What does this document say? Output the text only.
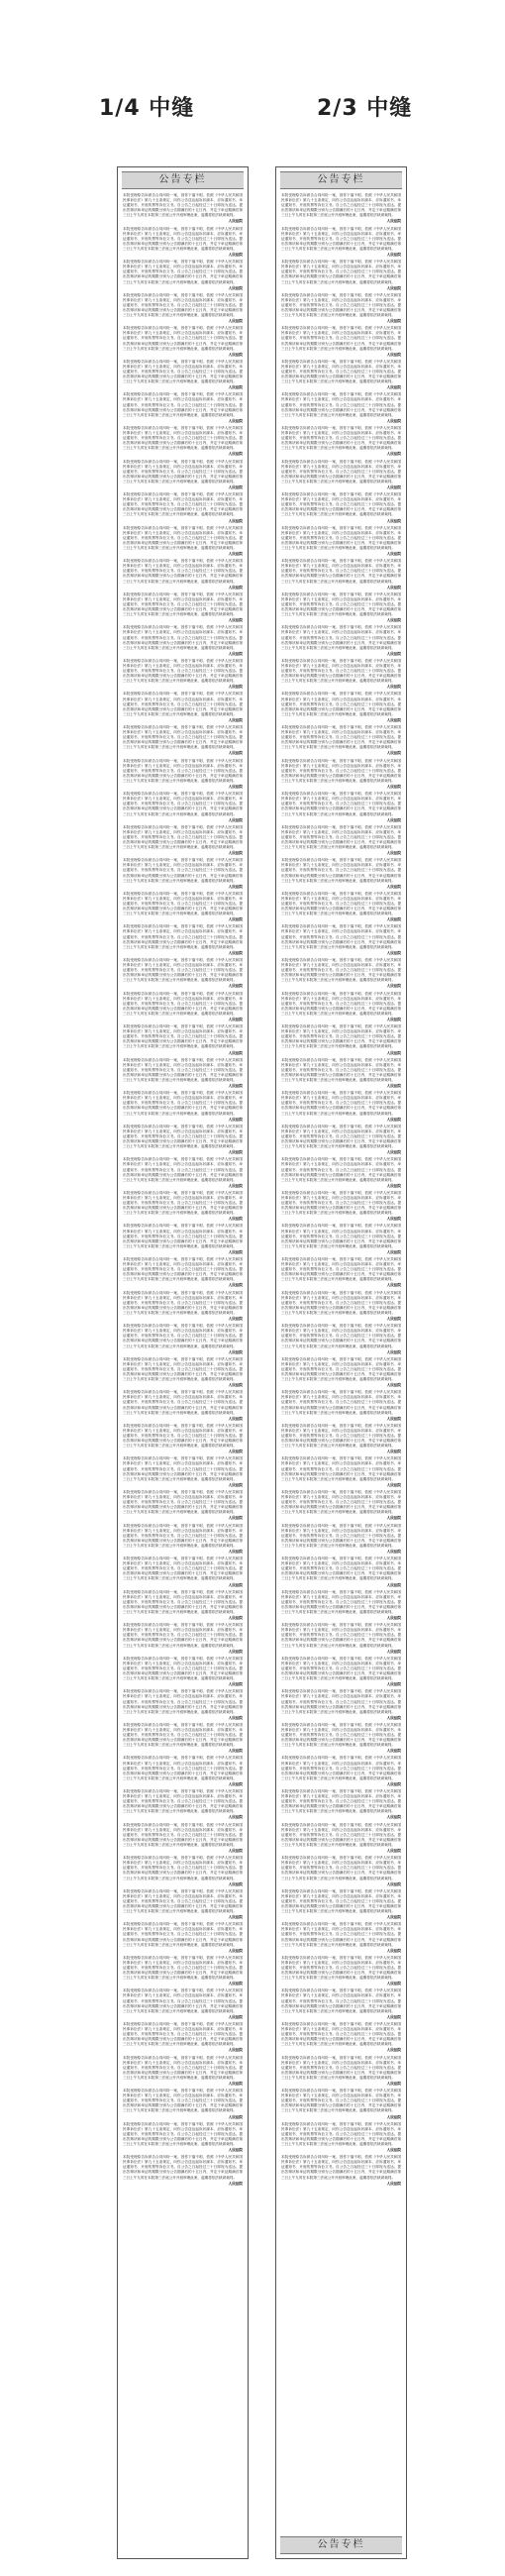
1/4 中缝	2/3 中缝
公告专栏
本院受理原告诉被告合同纠纷一案，因你下落不明，依照《中华人民共和国民事诉讼法》第九十五条规定，向你公告送达起诉状副本、应诉通知书、举证通知书、开庭传票等诉讼文书。自公告之日起经过三十日即视为送达。提出答辩状和举证的期限分别为公告期满后的十五日内，并定于举证期满后第三日上午九时在本院第三法庭公开开庭审理此案，逾期将依法缺席裁判。
人民法院
本院受理原告诉被告合同纠纷一案，因你下落不明，依照《中华人民共和国民事诉讼法》第九十五条规定，向你公告送达起诉状副本、应诉通知书、举证通知书、开庭传票等诉讼文书。自公告之日起经过三十日即视为送达。提出答辩状和举证的期限分别为公告期满后的十五日内，并定于举证期满后第三日上午九时在本院第三法庭公开开庭审理此案，逾期将依法缺席裁判。
人民法院
本院受理原告诉被告合同纠纷一案，因你下落不明，依照《中华人民共和国民事诉讼法》第九十五条规定，向你公告送达起诉状副本、应诉通知书、举证通知书、开庭传票等诉讼文书。自公告之日起经过三十日即视为送达。提出答辩状和举证的期限分别为公告期满后的十五日内，并定于举证期满后第三日上午九时在本院第三法庭公开开庭审理此案，逾期将依法缺席裁判。
人民法院
本院受理原告诉被告合同纠纷一案，因你下落不明，依照《中华人民共和国民事诉讼法》第九十五条规定，向你公告送达起诉状副本、应诉通知书、举证通知书、开庭传票等诉讼文书。自公告之日起经过三十日即视为送达。提出答辩状和举证的期限分别为公告期满后的十五日内，并定于举证期满后第三日上午九时在本院第三法庭公开开庭审理此案，逾期将依法缺席裁判。
人民法院
本院受理原告诉被告合同纠纷一案，因你下落不明，依照《中华人民共和国民事诉讼法》第九十五条规定，向你公告送达起诉状副本、应诉通知书、举证通知书、开庭传票等诉讼文书。自公告之日起经过三十日即视为送达。提出答辩状和举证的期限分别为公告期满后的十五日内，并定于举证期满后第三日上午九时在本院第三法庭公开开庭审理此案，逾期将依法缺席裁判。
人民法院
本院受理原告诉被告合同纠纷一案，因你下落不明，依照《中华人民共和国民事诉讼法》第九十五条规定，向你公告送达起诉状副本、应诉通知书、举证通知书、开庭传票等诉讼文书。自公告之日起经过三十日即视为送达。提出答辩状和举证的期限分别为公告期满后的十五日内，并定于举证期满后第三日上午九时在本院第三法庭公开开庭审理此案，逾期将依法缺席裁判。
人民法院
本院受理原告诉被告合同纠纷一案，因你下落不明，依照《中华人民共和国民事诉讼法》第九十五条规定，向你公告送达起诉状副本、应诉通知书、举证通知书、开庭传票等诉讼文书。自公告之日起经过三十日即视为送达。提出答辩状和举证的期限分别为公告期满后的十五日内，并定于举证期满后第三日上午九时在本院第三法庭公开开庭审理此案，逾期将依法缺席裁判。
人民法院
本院受理原告诉被告合同纠纷一案，因你下落不明，依照《中华人民共和国民事诉讼法》第九十五条规定，向你公告送达起诉状副本、应诉通知书、举证通知书、开庭传票等诉讼文书。自公告之日起经过三十日即视为送达。提出答辩状和举证的期限分别为公告期满后的十五日内，并定于举证期满后第三日上午九时在本院第三法庭公开开庭审理此案，逾期将依法缺席裁判。
人民法院
本院受理原告诉被告合同纠纷一案，因你下落不明，依照《中华人民共和国民事诉讼法》第九十五条规定，向你公告送达起诉状副本、应诉通知书、举证通知书、开庭传票等诉讼文书。自公告之日起经过三十日即视为送达。提出答辩状和举证的期限分别为公告期满后的十五日内，并定于举证期满后第三日上午九时在本院第三法庭公开开庭审理此案，逾期将依法缺席裁判。
人民法院
本院受理原告诉被告合同纠纷一案，因你下落不明，依照《中华人民共和国民事诉讼法》第九十五条规定，向你公告送达起诉状副本、应诉通知书、举证通知书、开庭传票等诉讼文书。自公告之日起经过三十日即视为送达。提出答辩状和举证的期限分别为公告期满后的十五日内，并定于举证期满后第三日上午九时在本院第三法庭公开开庭审理此案，逾期将依法缺席裁判。
人民法院
本院受理原告诉被告合同纠纷一案，因你下落不明，依照《中华人民共和国民事诉讼法》第九十五条规定，向你公告送达起诉状副本、应诉通知书、举证通知书、开庭传票等诉讼文书。自公告之日起经过三十日即视为送达。提出答辩状和举证的期限分别为公告期满后的十五日内，并定于举证期满后第三日上午九时在本院第三法庭公开开庭审理此案，逾期将依法缺席裁判。
人民法院
本院受理原告诉被告合同纠纷一案，因你下落不明，依照《中华人民共和国民事诉讼法》第九十五条规定，向你公告送达起诉状副本、应诉通知书、举证通知书、开庭传票等诉讼文书。自公告之日起经过三十日即视为送达。提出答辩状和举证的期限分别为公告期满后的十五日内，并定于举证期满后第三日上午九时在本院第三法庭公开开庭审理此案，逾期将依法缺席裁判。
人民法院
本院受理原告诉被告合同纠纷一案，因你下落不明，依照《中华人民共和国民事诉讼法》第九十五条规定，向你公告送达起诉状副本、应诉通知书、举证通知书、开庭传票等诉讼文书。自公告之日起经过三十日即视为送达。提出答辩状和举证的期限分别为公告期满后的十五日内，并定于举证期满后第三日上午九时在本院第三法庭公开开庭审理此案，逾期将依法缺席裁判。
人民法院
本院受理原告诉被告合同纠纷一案，因你下落不明，依照《中华人民共和国民事诉讼法》第九十五条规定，向你公告送达起诉状副本、应诉通知书、举证通知书、开庭传票等诉讼文书。自公告之日起经过三十日即视为送达。提出答辩状和举证的期限分别为公告期满后的十五日内，并定于举证期满后第三日上午九时在本院第三法庭公开开庭审理此案，逾期将依法缺席裁判。
人民法院
本院受理原告诉被告合同纠纷一案，因你下落不明，依照《中华人民共和国民事诉讼法》第九十五条规定，向你公告送达起诉状副本、应诉通知书、举证通知书、开庭传票等诉讼文书。自公告之日起经过三十日即视为送达。提出答辩状和举证的期限分别为公告期满后的十五日内，并定于举证期满后第三日上午九时在本院第三法庭公开开庭审理此案，逾期将依法缺席裁判。
人民法院
本院受理原告诉被告合同纠纷一案，因你下落不明，依照《中华人民共和国民事诉讼法》第九十五条规定，向你公告送达起诉状副本、应诉通知书、举证通知书、开庭传票等诉讼文书。自公告之日起经过三十日即视为送达。提出答辩状和举证的期限分别为公告期满后的十五日内，并定于举证期满后第三日上午九时在本院第三法庭公开开庭审理此案，逾期将依法缺席裁判。
人民法院
本院受理原告诉被告合同纠纷一案，因你下落不明，依照《中华人民共和国民事诉讼法》第九十五条规定，向你公告送达起诉状副本、应诉通知书、举证通知书、开庭传票等诉讼文书。自公告之日起经过三十日即视为送达。提出答辩状和举证的期限分别为公告期满后的十五日内，并定于举证期满后第三日上午九时在本院第三法庭公开开庭审理此案，逾期将依法缺席裁判。
人民法院
本院受理原告诉被告合同纠纷一案，因你下落不明，依照《中华人民共和国民事诉讼法》第九十五条规定，向你公告送达起诉状副本、应诉通知书、举证通知书、开庭传票等诉讼文书。自公告之日起经过三十日即视为送达。提出答辩状和举证的期限分别为公告期满后的十五日内，并定于举证期满后第三日上午九时在本院第三法庭公开开庭审理此案，逾期将依法缺席裁判。
人民法院
本院受理原告诉被告合同纠纷一案，因你下落不明，依照《中华人民共和国民事诉讼法》第九十五条规定，向你公告送达起诉状副本、应诉通知书、举证通知书、开庭传票等诉讼文书。自公告之日起经过三十日即视为送达。提出答辩状和举证的期限分别为公告期满后的十五日内，并定于举证期满后第三日上午九时在本院第三法庭公开开庭审理此案，逾期将依法缺席裁判。
人民法院
本院受理原告诉被告合同纠纷一案，因你下落不明，依照《中华人民共和国民事诉讼法》第九十五条规定，向你公告送达起诉状副本、应诉通知书、举证通知书、开庭传票等诉讼文书。自公告之日起经过三十日即视为送达。提出答辩状和举证的期限分别为公告期满后的十五日内，并定于举证期满后第三日上午九时在本院第三法庭公开开庭审理此案，逾期将依法缺席裁判。
人民法院
本院受理原告诉被告合同纠纷一案，因你下落不明，依照《中华人民共和国民事诉讼法》第九十五条规定，向你公告送达起诉状副本、应诉通知书、举证通知书、开庭传票等诉讼文书。自公告之日起经过三十日即视为送达。提出答辩状和举证的期限分别为公告期满后的十五日内，并定于举证期满后第三日上午九时在本院第三法庭公开开庭审理此案，逾期将依法缺席裁判。
人民法院
本院受理原告诉被告合同纠纷一案，因你下落不明，依照《中华人民共和国民事诉讼法》第九十五条规定，向你公告送达起诉状副本、应诉通知书、举证通知书、开庭传票等诉讼文书。自公告之日起经过三十日即视为送达。提出答辩状和举证的期限分别为公告期满后的十五日内，并定于举证期满后第三日上午九时在本院第三法庭公开开庭审理此案，逾期将依法缺席裁判。
人民法院
本院受理原告诉被告合同纠纷一案，因你下落不明，依照《中华人民共和国民事诉讼法》第九十五条规定，向你公告送达起诉状副本、应诉通知书、举证通知书、开庭传票等诉讼文书。自公告之日起经过三十日即视为送达。提出答辩状和举证的期限分别为公告期满后的十五日内，并定于举证期满后第三日上午九时在本院第三法庭公开开庭审理此案，逾期将依法缺席裁判。
人民法院
本院受理原告诉被告合同纠纷一案，因你下落不明，依照《中华人民共和国民事诉讼法》第九十五条规定，向你公告送达起诉状副本、应诉通知书、举证通知书、开庭传票等诉讼文书。自公告之日起经过三十日即视为送达。提出答辩状和举证的期限分别为公告期满后的十五日内，并定于举证期满后第三日上午九时在本院第三法庭公开开庭审理此案，逾期将依法缺席裁判。
人民法院
本院受理原告诉被告合同纠纷一案，因你下落不明，依照《中华人民共和国民事诉讼法》第九十五条规定，向你公告送达起诉状副本、应诉通知书、举证通知书、开庭传票等诉讼文书。自公告之日起经过三十日即视为送达。提出答辩状和举证的期限分别为公告期满后的十五日内，并定于举证期满后第三日上午九时在本院第三法庭公开开庭审理此案，逾期将依法缺席裁判。
人民法院
本院受理原告诉被告合同纠纷一案，因你下落不明，依照《中华人民共和国民事诉讼法》第九十五条规定，向你公告送达起诉状副本、应诉通知书、举证通知书、开庭传票等诉讼文书。自公告之日起经过三十日即视为送达。提出答辩状和举证的期限分别为公告期满后的十五日内，并定于举证期满后第三日上午九时在本院第三法庭公开开庭审理此案，逾期将依法缺席裁判。
人民法院
本院受理原告诉被告合同纠纷一案，因你下落不明，依照《中华人民共和国民事诉讼法》第九十五条规定，向你公告送达起诉状副本、应诉通知书、举证通知书、开庭传票等诉讼文书。自公告之日起经过三十日即视为送达。提出答辩状和举证的期限分别为公告期满后的十五日内，并定于举证期满后第三日上午九时在本院第三法庭公开开庭审理此案，逾期将依法缺席裁判。
人民法院
本院受理原告诉被告合同纠纷一案，因你下落不明，依照《中华人民共和国民事诉讼法》第九十五条规定，向你公告送达起诉状副本、应诉通知书、举证通知书、开庭传票等诉讼文书。自公告之日起经过三十日即视为送达。提出答辩状和举证的期限分别为公告期满后的十五日内，并定于举证期满后第三日上午九时在本院第三法庭公开开庭审理此案，逾期将依法缺席裁判。
人民法院
本院受理原告诉被告合同纠纷一案，因你下落不明，依照《中华人民共和国民事诉讼法》第九十五条规定，向你公告送达起诉状副本、应诉通知书、举证通知书、开庭传票等诉讼文书。自公告之日起经过三十日即视为送达。提出答辩状和举证的期限分别为公告期满后的十五日内，并定于举证期满后第三日上午九时在本院第三法庭公开开庭审理此案，逾期将依法缺席裁判。
人民法院
本院受理原告诉被告合同纠纷一案，因你下落不明，依照《中华人民共和国民事诉讼法》第九十五条规定，向你公告送达起诉状副本、应诉通知书、举证通知书、开庭传票等诉讼文书。自公告之日起经过三十日即视为送达。提出答辩状和举证的期限分别为公告期满后的十五日内，并定于举证期满后第三日上午九时在本院第三法庭公开开庭审理此案，逾期将依法缺席裁判。
人民法院
本院受理原告诉被告合同纠纷一案，因你下落不明，依照《中华人民共和国民事诉讼法》第九十五条规定，向你公告送达起诉状副本、应诉通知书、举证通知书、开庭传票等诉讼文书。自公告之日起经过三十日即视为送达。提出答辩状和举证的期限分别为公告期满后的十五日内，并定于举证期满后第三日上午九时在本院第三法庭公开开庭审理此案，逾期将依法缺席裁判。
人民法院
本院受理原告诉被告合同纠纷一案，因你下落不明，依照《中华人民共和国民事诉讼法》第九十五条规定，向你公告送达起诉状副本、应诉通知书、举证通知书、开庭传票等诉讼文书。自公告之日起经过三十日即视为送达。提出答辩状和举证的期限分别为公告期满后的十五日内，并定于举证期满后第三日上午九时在本院第三法庭公开开庭审理此案，逾期将依法缺席裁判。
人民法院
本院受理原告诉被告合同纠纷一案，因你下落不明，依照《中华人民共和国民事诉讼法》第九十五条规定，向你公告送达起诉状副本、应诉通知书、举证通知书、开庭传票等诉讼文书。自公告之日起经过三十日即视为送达。提出答辩状和举证的期限分别为公告期满后的十五日内，并定于举证期满后第三日上午九时在本院第三法庭公开开庭审理此案，逾期将依法缺席裁判。
人民法院
本院受理原告诉被告合同纠纷一案，因你下落不明，依照《中华人民共和国民事诉讼法》第九十五条规定，向你公告送达起诉状副本、应诉通知书、举证通知书、开庭传票等诉讼文书。自公告之日起经过三十日即视为送达。提出答辩状和举证的期限分别为公告期满后的十五日内，并定于举证期满后第三日上午九时在本院第三法庭公开开庭审理此案，逾期将依法缺席裁判。
人民法院
本院受理原告诉被告合同纠纷一案，因你下落不明，依照《中华人民共和国民事诉讼法》第九十五条规定，向你公告送达起诉状副本、应诉通知书、举证通知书、开庭传票等诉讼文书。自公告之日起经过三十日即视为送达。提出答辩状和举证的期限分别为公告期满后的十五日内，并定于举证期满后第三日上午九时在本院第三法庭公开开庭审理此案，逾期将依法缺席裁判。
人民法院
本院受理原告诉被告合同纠纷一案，因你下落不明，依照《中华人民共和国民事诉讼法》第九十五条规定，向你公告送达起诉状副本、应诉通知书、举证通知书、开庭传票等诉讼文书。自公告之日起经过三十日即视为送达。提出答辩状和举证的期限分别为公告期满后的十五日内，并定于举证期满后第三日上午九时在本院第三法庭公开开庭审理此案，逾期将依法缺席裁判。
人民法院
本院受理原告诉被告合同纠纷一案，因你下落不明，依照《中华人民共和国民事诉讼法》第九十五条规定，向你公告送达起诉状副本、应诉通知书、举证通知书、开庭传票等诉讼文书。自公告之日起经过三十日即视为送达。提出答辩状和举证的期限分别为公告期满后的十五日内，并定于举证期满后第三日上午九时在本院第三法庭公开开庭审理此案，逾期将依法缺席裁判。
人民法院
本院受理原告诉被告合同纠纷一案，因你下落不明，依照《中华人民共和国民事诉讼法》第九十五条规定，向你公告送达起诉状副本、应诉通知书、举证通知书、开庭传票等诉讼文书。自公告之日起经过三十日即视为送达。提出答辩状和举证的期限分别为公告期满后的十五日内，并定于举证期满后第三日上午九时在本院第三法庭公开开庭审理此案，逾期将依法缺席裁判。
人民法院
本院受理原告诉被告合同纠纷一案，因你下落不明，依照《中华人民共和国民事诉讼法》第九十五条规定，向你公告送达起诉状副本、应诉通知书、举证通知书、开庭传票等诉讼文书。自公告之日起经过三十日即视为送达。提出答辩状和举证的期限分别为公告期满后的十五日内，并定于举证期满后第三日上午九时在本院第三法庭公开开庭审理此案，逾期将依法缺席裁判。
人民法院
本院受理原告诉被告合同纠纷一案，因你下落不明，依照《中华人民共和国民事诉讼法》第九十五条规定，向你公告送达起诉状副本、应诉通知书、举证通知书、开庭传票等诉讼文书。自公告之日起经过三十日即视为送达。提出答辩状和举证的期限分别为公告期满后的十五日内，并定于举证期满后第三日上午九时在本院第三法庭公开开庭审理此案，逾期将依法缺席裁判。
人民法院
本院受理原告诉被告合同纠纷一案，因你下落不明，依照《中华人民共和国民事诉讼法》第九十五条规定，向你公告送达起诉状副本、应诉通知书、举证通知书、开庭传票等诉讼文书。自公告之日起经过三十日即视为送达。提出答辩状和举证的期限分别为公告期满后的十五日内，并定于举证期满后第三日上午九时在本院第三法庭公开开庭审理此案，逾期将依法缺席裁判。
人民法院
本院受理原告诉被告合同纠纷一案，因你下落不明，依照《中华人民共和国民事诉讼法》第九十五条规定，向你公告送达起诉状副本、应诉通知书、举证通知书、开庭传票等诉讼文书。自公告之日起经过三十日即视为送达。提出答辩状和举证的期限分别为公告期满后的十五日内，并定于举证期满后第三日上午九时在本院第三法庭公开开庭审理此案，逾期将依法缺席裁判。
人民法院
本院受理原告诉被告合同纠纷一案，因你下落不明，依照《中华人民共和国民事诉讼法》第九十五条规定，向你公告送达起诉状副本、应诉通知书、举证通知书、开庭传票等诉讼文书。自公告之日起经过三十日即视为送达。提出答辩状和举证的期限分别为公告期满后的十五日内，并定于举证期满后第三日上午九时在本院第三法庭公开开庭审理此案，逾期将依法缺席裁判。
人民法院
本院受理原告诉被告合同纠纷一案，因你下落不明，依照《中华人民共和国民事诉讼法》第九十五条规定，向你公告送达起诉状副本、应诉通知书、举证通知书、开庭传票等诉讼文书。自公告之日起经过三十日即视为送达。提出答辩状和举证的期限分别为公告期满后的十五日内，并定于举证期满后第三日上午九时在本院第三法庭公开开庭审理此案，逾期将依法缺席裁判。
人民法院
本院受理原告诉被告合同纠纷一案，因你下落不明，依照《中华人民共和国民事诉讼法》第九十五条规定，向你公告送达起诉状副本、应诉通知书、举证通知书、开庭传票等诉讼文书。自公告之日起经过三十日即视为送达。提出答辩状和举证的期限分别为公告期满后的十五日内，并定于举证期满后第三日上午九时在本院第三法庭公开开庭审理此案，逾期将依法缺席裁判。
人民法院
本院受理原告诉被告合同纠纷一案，因你下落不明，依照《中华人民共和国民事诉讼法》第九十五条规定，向你公告送达起诉状副本、应诉通知书、举证通知书、开庭传票等诉讼文书。自公告之日起经过三十日即视为送达。提出答辩状和举证的期限分别为公告期满后的十五日内，并定于举证期满后第三日上午九时在本院第三法庭公开开庭审理此案，逾期将依法缺席裁判。
人民法院
本院受理原告诉被告合同纠纷一案，因你下落不明，依照《中华人民共和国民事诉讼法》第九十五条规定，向你公告送达起诉状副本、应诉通知书、举证通知书、开庭传票等诉讼文书。自公告之日起经过三十日即视为送达。提出答辩状和举证的期限分别为公告期满后的十五日内，并定于举证期满后第三日上午九时在本院第三法庭公开开庭审理此案，逾期将依法缺席裁判。
人民法院
本院受理原告诉被告合同纠纷一案，因你下落不明，依照《中华人民共和国民事诉讼法》第九十五条规定，向你公告送达起诉状副本、应诉通知书、举证通知书、开庭传票等诉讼文书。自公告之日起经过三十日即视为送达。提出答辩状和举证的期限分别为公告期满后的十五日内，并定于举证期满后第三日上午九时在本院第三法庭公开开庭审理此案，逾期将依法缺席裁判。
人民法院
本院受理原告诉被告合同纠纷一案，因你下落不明，依照《中华人民共和国民事诉讼法》第九十五条规定，向你公告送达起诉状副本、应诉通知书、举证通知书、开庭传票等诉讼文书。自公告之日起经过三十日即视为送达。提出答辩状和举证的期限分别为公告期满后的十五日内，并定于举证期满后第三日上午九时在本院第三法庭公开开庭审理此案，逾期将依法缺席裁判。
人民法院
本院受理原告诉被告合同纠纷一案，因你下落不明，依照《中华人民共和国民事诉讼法》第九十五条规定，向你公告送达起诉状副本、应诉通知书、举证通知书、开庭传票等诉讼文书。自公告之日起经过三十日即视为送达。提出答辩状和举证的期限分别为公告期满后的十五日内，并定于举证期满后第三日上午九时在本院第三法庭公开开庭审理此案，逾期将依法缺席裁判。
人民法院
本院受理原告诉被告合同纠纷一案，因你下落不明，依照《中华人民共和国民事诉讼法》第九十五条规定，向你公告送达起诉状副本、应诉通知书、举证通知书、开庭传票等诉讼文书。自公告之日起经过三十日即视为送达。提出答辩状和举证的期限分别为公告期满后的十五日内，并定于举证期满后第三日上午九时在本院第三法庭公开开庭审理此案，逾期将依法缺席裁判。
人民法院
本院受理原告诉被告合同纠纷一案，因你下落不明，依照《中华人民共和国民事诉讼法》第九十五条规定，向你公告送达起诉状副本、应诉通知书、举证通知书、开庭传票等诉讼文书。自公告之日起经过三十日即视为送达。提出答辩状和举证的期限分别为公告期满后的十五日内，并定于举证期满后第三日上午九时在本院第三法庭公开开庭审理此案，逾期将依法缺席裁判。
人民法院
本院受理原告诉被告合同纠纷一案，因你下落不明，依照《中华人民共和国民事诉讼法》第九十五条规定，向你公告送达起诉状副本、应诉通知书、举证通知书、开庭传票等诉讼文书。自公告之日起经过三十日即视为送达。提出答辩状和举证的期限分别为公告期满后的十五日内，并定于举证期满后第三日上午九时在本院第三法庭公开开庭审理此案，逾期将依法缺席裁判。
人民法院
本院受理原告诉被告合同纠纷一案，因你下落不明，依照《中华人民共和国民事诉讼法》第九十五条规定，向你公告送达起诉状副本、应诉通知书、举证通知书、开庭传票等诉讼文书。自公告之日起经过三十日即视为送达。提出答辩状和举证的期限分别为公告期满后的十五日内，并定于举证期满后第三日上午九时在本院第三法庭公开开庭审理此案，逾期将依法缺席裁判。
人民法院
本院受理原告诉被告合同纠纷一案，因你下落不明，依照《中华人民共和国民事诉讼法》第九十五条规定，向你公告送达起诉状副本、应诉通知书、举证通知书、开庭传票等诉讼文书。自公告之日起经过三十日即视为送达。提出答辩状和举证的期限分别为公告期满后的十五日内，并定于举证期满后第三日上午九时在本院第三法庭公开开庭审理此案，逾期将依法缺席裁判。
人民法院
本院受理原告诉被告合同纠纷一案，因你下落不明，依照《中华人民共和国民事诉讼法》第九十五条规定，向你公告送达起诉状副本、应诉通知书、举证通知书、开庭传票等诉讼文书。自公告之日起经过三十日即视为送达。提出答辩状和举证的期限分别为公告期满后的十五日内，并定于举证期满后第三日上午九时在本院第三法庭公开开庭审理此案，逾期将依法缺席裁判。
人民法院
本院受理原告诉被告合同纠纷一案，因你下落不明，依照《中华人民共和国民事诉讼法》第九十五条规定，向你公告送达起诉状副本、应诉通知书、举证通知书、开庭传票等诉讼文书。自公告之日起经过三十日即视为送达。提出答辩状和举证的期限分别为公告期满后的十五日内，并定于举证期满后第三日上午九时在本院第三法庭公开开庭审理此案，逾期将依法缺席裁判。
人民法院
本院受理原告诉被告合同纠纷一案，因你下落不明，依照《中华人民共和国民事诉讼法》第九十五条规定，向你公告送达起诉状副本、应诉通知书、举证通知书、开庭传票等诉讼文书。自公告之日起经过三十日即视为送达。提出答辩状和举证的期限分别为公告期满后的十五日内，并定于举证期满后第三日上午九时在本院第三法庭公开开庭审理此案，逾期将依法缺席裁判。
人民法院
本院受理原告诉被告合同纠纷一案，因你下落不明，依照《中华人民共和国民事诉讼法》第九十五条规定，向你公告送达起诉状副本、应诉通知书、举证通知书、开庭传票等诉讼文书。自公告之日起经过三十日即视为送达。提出答辩状和举证的期限分别为公告期满后的十五日内，并定于举证期满后第三日上午九时在本院第三法庭公开开庭审理此案，逾期将依法缺席裁判。
人民法院
本院受理原告诉被告合同纠纷一案，因你下落不明，依照《中华人民共和国民事诉讼法》第九十五条规定，向你公告送达起诉状副本、应诉通知书、举证通知书、开庭传票等诉讼文书。自公告之日起经过三十日即视为送达。提出答辩状和举证的期限分别为公告期满后的十五日内，并定于举证期满后第三日上午九时在本院第三法庭公开开庭审理此案，逾期将依法缺席裁判。
人民法院
公告专栏
本院受理原告诉被告合同纠纷一案，因你下落不明，依照《中华人民共和国民事诉讼法》第九十五条规定，向你公告送达起诉状副本、应诉通知书、举证通知书、开庭传票等诉讼文书。自公告之日起经过三十日即视为送达。提出答辩状和举证的期限分别为公告期满后的十五日内，并定于举证期满后第三日上午九时在本院第三法庭公开开庭审理此案，逾期将依法缺席裁判。
人民法院
本院受理原告诉被告合同纠纷一案，因你下落不明，依照《中华人民共和国民事诉讼法》第九十五条规定，向你公告送达起诉状副本、应诉通知书、举证通知书、开庭传票等诉讼文书。自公告之日起经过三十日即视为送达。提出答辩状和举证的期限分别为公告期满后的十五日内，并定于举证期满后第三日上午九时在本院第三法庭公开开庭审理此案，逾期将依法缺席裁判。
人民法院
本院受理原告诉被告合同纠纷一案，因你下落不明，依照《中华人民共和国民事诉讼法》第九十五条规定，向你公告送达起诉状副本、应诉通知书、举证通知书、开庭传票等诉讼文书。自公告之日起经过三十日即视为送达。提出答辩状和举证的期限分别为公告期满后的十五日内，并定于举证期满后第三日上午九时在本院第三法庭公开开庭审理此案，逾期将依法缺席裁判。
人民法院
本院受理原告诉被告合同纠纷一案，因你下落不明，依照《中华人民共和国民事诉讼法》第九十五条规定，向你公告送达起诉状副本、应诉通知书、举证通知书、开庭传票等诉讼文书。自公告之日起经过三十日即视为送达。提出答辩状和举证的期限分别为公告期满后的十五日内，并定于举证期满后第三日上午九时在本院第三法庭公开开庭审理此案，逾期将依法缺席裁判。
人民法院
本院受理原告诉被告合同纠纷一案，因你下落不明，依照《中华人民共和国民事诉讼法》第九十五条规定，向你公告送达起诉状副本、应诉通知书、举证通知书、开庭传票等诉讼文书。自公告之日起经过三十日即视为送达。提出答辩状和举证的期限分别为公告期满后的十五日内，并定于举证期满后第三日上午九时在本院第三法庭公开开庭审理此案，逾期将依法缺席裁判。
人民法院
本院受理原告诉被告合同纠纷一案，因你下落不明，依照《中华人民共和国民事诉讼法》第九十五条规定，向你公告送达起诉状副本、应诉通知书、举证通知书、开庭传票等诉讼文书。自公告之日起经过三十日即视为送达。提出答辩状和举证的期限分别为公告期满后的十五日内，并定于举证期满后第三日上午九时在本院第三法庭公开开庭审理此案，逾期将依法缺席裁判。
人民法院
本院受理原告诉被告合同纠纷一案，因你下落不明，依照《中华人民共和国民事诉讼法》第九十五条规定，向你公告送达起诉状副本、应诉通知书、举证通知书、开庭传票等诉讼文书。自公告之日起经过三十日即视为送达。提出答辩状和举证的期限分别为公告期满后的十五日内，并定于举证期满后第三日上午九时在本院第三法庭公开开庭审理此案，逾期将依法缺席裁判。
人民法院
本院受理原告诉被告合同纠纷一案，因你下落不明，依照《中华人民共和国民事诉讼法》第九十五条规定，向你公告送达起诉状副本、应诉通知书、举证通知书、开庭传票等诉讼文书。自公告之日起经过三十日即视为送达。提出答辩状和举证的期限分别为公告期满后的十五日内，并定于举证期满后第三日上午九时在本院第三法庭公开开庭审理此案，逾期将依法缺席裁判。
人民法院
本院受理原告诉被告合同纠纷一案，因你下落不明，依照《中华人民共和国民事诉讼法》第九十五条规定，向你公告送达起诉状副本、应诉通知书、举证通知书、开庭传票等诉讼文书。自公告之日起经过三十日即视为送达。提出答辩状和举证的期限分别为公告期满后的十五日内，并定于举证期满后第三日上午九时在本院第三法庭公开开庭审理此案，逾期将依法缺席裁判。
人民法院
本院受理原告诉被告合同纠纷一案，因你下落不明，依照《中华人民共和国民事诉讼法》第九十五条规定，向你公告送达起诉状副本、应诉通知书、举证通知书、开庭传票等诉讼文书。自公告之日起经过三十日即视为送达。提出答辩状和举证的期限分别为公告期满后的十五日内，并定于举证期满后第三日上午九时在本院第三法庭公开开庭审理此案，逾期将依法缺席裁判。
人民法院
本院受理原告诉被告合同纠纷一案，因你下落不明，依照《中华人民共和国民事诉讼法》第九十五条规定，向你公告送达起诉状副本、应诉通知书、举证通知书、开庭传票等诉讼文书。自公告之日起经过三十日即视为送达。提出答辩状和举证的期限分别为公告期满后的十五日内，并定于举证期满后第三日上午九时在本院第三法庭公开开庭审理此案，逾期将依法缺席裁判。
人民法院
本院受理原告诉被告合同纠纷一案，因你下落不明，依照《中华人民共和国民事诉讼法》第九十五条规定，向你公告送达起诉状副本、应诉通知书、举证通知书、开庭传票等诉讼文书。自公告之日起经过三十日即视为送达。提出答辩状和举证的期限分别为公告期满后的十五日内，并定于举证期满后第三日上午九时在本院第三法庭公开开庭审理此案，逾期将依法缺席裁判。
人民法院
本院受理原告诉被告合同纠纷一案，因你下落不明，依照《中华人民共和国民事诉讼法》第九十五条规定，向你公告送达起诉状副本、应诉通知书、举证通知书、开庭传票等诉讼文书。自公告之日起经过三十日即视为送达。提出答辩状和举证的期限分别为公告期满后的十五日内，并定于举证期满后第三日上午九时在本院第三法庭公开开庭审理此案，逾期将依法缺席裁判。
人民法院
本院受理原告诉被告合同纠纷一案，因你下落不明，依照《中华人民共和国民事诉讼法》第九十五条规定，向你公告送达起诉状副本、应诉通知书、举证通知书、开庭传票等诉讼文书。自公告之日起经过三十日即视为送达。提出答辩状和举证的期限分别为公告期满后的十五日内，并定于举证期满后第三日上午九时在本院第三法庭公开开庭审理此案，逾期将依法缺席裁判。
人民法院
本院受理原告诉被告合同纠纷一案，因你下落不明，依照《中华人民共和国民事诉讼法》第九十五条规定，向你公告送达起诉状副本、应诉通知书、举证通知书、开庭传票等诉讼文书。自公告之日起经过三十日即视为送达。提出答辩状和举证的期限分别为公告期满后的十五日内，并定于举证期满后第三日上午九时在本院第三法庭公开开庭审理此案，逾期将依法缺席裁判。
人民法院
本院受理原告诉被告合同纠纷一案，因你下落不明，依照《中华人民共和国民事诉讼法》第九十五条规定，向你公告送达起诉状副本、应诉通知书、举证通知书、开庭传票等诉讼文书。自公告之日起经过三十日即视为送达。提出答辩状和举证的期限分别为公告期满后的十五日内，并定于举证期满后第三日上午九时在本院第三法庭公开开庭审理此案，逾期将依法缺席裁判。
人民法院
本院受理原告诉被告合同纠纷一案，因你下落不明，依照《中华人民共和国民事诉讼法》第九十五条规定，向你公告送达起诉状副本、应诉通知书、举证通知书、开庭传票等诉讼文书。自公告之日起经过三十日即视为送达。提出答辩状和举证的期限分别为公告期满后的十五日内，并定于举证期满后第三日上午九时在本院第三法庭公开开庭审理此案，逾期将依法缺席裁判。
人民法院
本院受理原告诉被告合同纠纷一案，因你下落不明，依照《中华人民共和国民事诉讼法》第九十五条规定，向你公告送达起诉状副本、应诉通知书、举证通知书、开庭传票等诉讼文书。自公告之日起经过三十日即视为送达。提出答辩状和举证的期限分别为公告期满后的十五日内，并定于举证期满后第三日上午九时在本院第三法庭公开开庭审理此案，逾期将依法缺席裁判。
人民法院
本院受理原告诉被告合同纠纷一案，因你下落不明，依照《中华人民共和国民事诉讼法》第九十五条规定，向你公告送达起诉状副本、应诉通知书、举证通知书、开庭传票等诉讼文书。自公告之日起经过三十日即视为送达。提出答辩状和举证的期限分别为公告期满后的十五日内，并定于举证期满后第三日上午九时在本院第三法庭公开开庭审理此案，逾期将依法缺席裁判。
人民法院
本院受理原告诉被告合同纠纷一案，因你下落不明，依照《中华人民共和国民事诉讼法》第九十五条规定，向你公告送达起诉状副本、应诉通知书、举证通知书、开庭传票等诉讼文书。自公告之日起经过三十日即视为送达。提出答辩状和举证的期限分别为公告期满后的十五日内，并定于举证期满后第三日上午九时在本院第三法庭公开开庭审理此案，逾期将依法缺席裁判。
人民法院
本院受理原告诉被告合同纠纷一案，因你下落不明，依照《中华人民共和国民事诉讼法》第九十五条规定，向你公告送达起诉状副本、应诉通知书、举证通知书、开庭传票等诉讼文书。自公告之日起经过三十日即视为送达。提出答辩状和举证的期限分别为公告期满后的十五日内，并定于举证期满后第三日上午九时在本院第三法庭公开开庭审理此案，逾期将依法缺席裁判。
人民法院
本院受理原告诉被告合同纠纷一案，因你下落不明，依照《中华人民共和国民事诉讼法》第九十五条规定，向你公告送达起诉状副本、应诉通知书、举证通知书、开庭传票等诉讼文书。自公告之日起经过三十日即视为送达。提出答辩状和举证的期限分别为公告期满后的十五日内，并定于举证期满后第三日上午九时在本院第三法庭公开开庭审理此案，逾期将依法缺席裁判。
人民法院
本院受理原告诉被告合同纠纷一案，因你下落不明，依照《中华人民共和国民事诉讼法》第九十五条规定，向你公告送达起诉状副本、应诉通知书、举证通知书、开庭传票等诉讼文书。自公告之日起经过三十日即视为送达。提出答辩状和举证的期限分别为公告期满后的十五日内，并定于举证期满后第三日上午九时在本院第三法庭公开开庭审理此案，逾期将依法缺席裁判。
人民法院
本院受理原告诉被告合同纠纷一案，因你下落不明，依照《中华人民共和国民事诉讼法》第九十五条规定，向你公告送达起诉状副本、应诉通知书、举证通知书、开庭传票等诉讼文书。自公告之日起经过三十日即视为送达。提出答辩状和举证的期限分别为公告期满后的十五日内，并定于举证期满后第三日上午九时在本院第三法庭公开开庭审理此案，逾期将依法缺席裁判。
人民法院
本院受理原告诉被告合同纠纷一案，因你下落不明，依照《中华人民共和国民事诉讼法》第九十五条规定，向你公告送达起诉状副本、应诉通知书、举证通知书、开庭传票等诉讼文书。自公告之日起经过三十日即视为送达。提出答辩状和举证的期限分别为公告期满后的十五日内，并定于举证期满后第三日上午九时在本院第三法庭公开开庭审理此案，逾期将依法缺席裁判。
人民法院
本院受理原告诉被告合同纠纷一案，因你下落不明，依照《中华人民共和国民事诉讼法》第九十五条规定，向你公告送达起诉状副本、应诉通知书、举证通知书、开庭传票等诉讼文书。自公告之日起经过三十日即视为送达。提出答辩状和举证的期限分别为公告期满后的十五日内，并定于举证期满后第三日上午九时在本院第三法庭公开开庭审理此案，逾期将依法缺席裁判。
人民法院
本院受理原告诉被告合同纠纷一案，因你下落不明，依照《中华人民共和国民事诉讼法》第九十五条规定，向你公告送达起诉状副本、应诉通知书、举证通知书、开庭传票等诉讼文书。自公告之日起经过三十日即视为送达。提出答辩状和举证的期限分别为公告期满后的十五日内，并定于举证期满后第三日上午九时在本院第三法庭公开开庭审理此案，逾期将依法缺席裁判。
人民法院
本院受理原告诉被告合同纠纷一案，因你下落不明，依照《中华人民共和国民事诉讼法》第九十五条规定，向你公告送达起诉状副本、应诉通知书、举证通知书、开庭传票等诉讼文书。自公告之日起经过三十日即视为送达。提出答辩状和举证的期限分别为公告期满后的十五日内，并定于举证期满后第三日上午九时在本院第三法庭公开开庭审理此案，逾期将依法缺席裁判。
人民法院
本院受理原告诉被告合同纠纷一案，因你下落不明，依照《中华人民共和国民事诉讼法》第九十五条规定，向你公告送达起诉状副本、应诉通知书、举证通知书、开庭传票等诉讼文书。自公告之日起经过三十日即视为送达。提出答辩状和举证的期限分别为公告期满后的十五日内，并定于举证期满后第三日上午九时在本院第三法庭公开开庭审理此案，逾期将依法缺席裁判。
人民法院
本院受理原告诉被告合同纠纷一案，因你下落不明，依照《中华人民共和国民事诉讼法》第九十五条规定，向你公告送达起诉状副本、应诉通知书、举证通知书、开庭传票等诉讼文书。自公告之日起经过三十日即视为送达。提出答辩状和举证的期限分别为公告期满后的十五日内，并定于举证期满后第三日上午九时在本院第三法庭公开开庭审理此案，逾期将依法缺席裁判。
人民法院
本院受理原告诉被告合同纠纷一案，因你下落不明，依照《中华人民共和国民事诉讼法》第九十五条规定，向你公告送达起诉状副本、应诉通知书、举证通知书、开庭传票等诉讼文书。自公告之日起经过三十日即视为送达。提出答辩状和举证的期限分别为公告期满后的十五日内，并定于举证期满后第三日上午九时在本院第三法庭公开开庭审理此案，逾期将依法缺席裁判。
人民法院
本院受理原告诉被告合同纠纷一案，因你下落不明，依照《中华人民共和国民事诉讼法》第九十五条规定，向你公告送达起诉状副本、应诉通知书、举证通知书、开庭传票等诉讼文书。自公告之日起经过三十日即视为送达。提出答辩状和举证的期限分别为公告期满后的十五日内，并定于举证期满后第三日上午九时在本院第三法庭公开开庭审理此案，逾期将依法缺席裁判。
人民法院
本院受理原告诉被告合同纠纷一案，因你下落不明，依照《中华人民共和国民事诉讼法》第九十五条规定，向你公告送达起诉状副本、应诉通知书、举证通知书、开庭传票等诉讼文书。自公告之日起经过三十日即视为送达。提出答辩状和举证的期限分别为公告期满后的十五日内，并定于举证期满后第三日上午九时在本院第三法庭公开开庭审理此案，逾期将依法缺席裁判。
人民法院
本院受理原告诉被告合同纠纷一案，因你下落不明，依照《中华人民共和国民事诉讼法》第九十五条规定，向你公告送达起诉状副本、应诉通知书、举证通知书、开庭传票等诉讼文书。自公告之日起经过三十日即视为送达。提出答辩状和举证的期限分别为公告期满后的十五日内，并定于举证期满后第三日上午九时在本院第三法庭公开开庭审理此案，逾期将依法缺席裁判。
人民法院
本院受理原告诉被告合同纠纷一案，因你下落不明，依照《中华人民共和国民事诉讼法》第九十五条规定，向你公告送达起诉状副本、应诉通知书、举证通知书、开庭传票等诉讼文书。自公告之日起经过三十日即视为送达。提出答辩状和举证的期限分别为公告期满后的十五日内，并定于举证期满后第三日上午九时在本院第三法庭公开开庭审理此案，逾期将依法缺席裁判。
人民法院
本院受理原告诉被告合同纠纷一案，因你下落不明，依照《中华人民共和国民事诉讼法》第九十五条规定，向你公告送达起诉状副本、应诉通知书、举证通知书、开庭传票等诉讼文书。自公告之日起经过三十日即视为送达。提出答辩状和举证的期限分别为公告期满后的十五日内，并定于举证期满后第三日上午九时在本院第三法庭公开开庭审理此案，逾期将依法缺席裁判。
人民法院
本院受理原告诉被告合同纠纷一案，因你下落不明，依照《中华人民共和国民事诉讼法》第九十五条规定，向你公告送达起诉状副本、应诉通知书、举证通知书、开庭传票等诉讼文书。自公告之日起经过三十日即视为送达。提出答辩状和举证的期限分别为公告期满后的十五日内，并定于举证期满后第三日上午九时在本院第三法庭公开开庭审理此案，逾期将依法缺席裁判。
人民法院
本院受理原告诉被告合同纠纷一案，因你下落不明，依照《中华人民共和国民事诉讼法》第九十五条规定，向你公告送达起诉状副本、应诉通知书、举证通知书、开庭传票等诉讼文书。自公告之日起经过三十日即视为送达。提出答辩状和举证的期限分别为公告期满后的十五日内，并定于举证期满后第三日上午九时在本院第三法庭公开开庭审理此案，逾期将依法缺席裁判。
人民法院
本院受理原告诉被告合同纠纷一案，因你下落不明，依照《中华人民共和国民事诉讼法》第九十五条规定，向你公告送达起诉状副本、应诉通知书、举证通知书、开庭传票等诉讼文书。自公告之日起经过三十日即视为送达。提出答辩状和举证的期限分别为公告期满后的十五日内，并定于举证期满后第三日上午九时在本院第三法庭公开开庭审理此案，逾期将依法缺席裁判。
人民法院
本院受理原告诉被告合同纠纷一案，因你下落不明，依照《中华人民共和国民事诉讼法》第九十五条规定，向你公告送达起诉状副本、应诉通知书、举证通知书、开庭传票等诉讼文书。自公告之日起经过三十日即视为送达。提出答辩状和举证的期限分别为公告期满后的十五日内，并定于举证期满后第三日上午九时在本院第三法庭公开开庭审理此案，逾期将依法缺席裁判。
人民法院
本院受理原告诉被告合同纠纷一案，因你下落不明，依照《中华人民共和国民事诉讼法》第九十五条规定，向你公告送达起诉状副本、应诉通知书、举证通知书、开庭传票等诉讼文书。自公告之日起经过三十日即视为送达。提出答辩状和举证的期限分别为公告期满后的十五日内，并定于举证期满后第三日上午九时在本院第三法庭公开开庭审理此案，逾期将依法缺席裁判。
人民法院
本院受理原告诉被告合同纠纷一案，因你下落不明，依照《中华人民共和国民事诉讼法》第九十五条规定，向你公告送达起诉状副本、应诉通知书、举证通知书、开庭传票等诉讼文书。自公告之日起经过三十日即视为送达。提出答辩状和举证的期限分别为公告期满后的十五日内，并定于举证期满后第三日上午九时在本院第三法庭公开开庭审理此案，逾期将依法缺席裁判。
人民法院
本院受理原告诉被告合同纠纷一案，因你下落不明，依照《中华人民共和国民事诉讼法》第九十五条规定，向你公告送达起诉状副本、应诉通知书、举证通知书、开庭传票等诉讼文书。自公告之日起经过三十日即视为送达。提出答辩状和举证的期限分别为公告期满后的十五日内，并定于举证期满后第三日上午九时在本院第三法庭公开开庭审理此案，逾期将依法缺席裁判。
人民法院
本院受理原告诉被告合同纠纷一案，因你下落不明，依照《中华人民共和国民事诉讼法》第九十五条规定，向你公告送达起诉状副本、应诉通知书、举证通知书、开庭传票等诉讼文书。自公告之日起经过三十日即视为送达。提出答辩状和举证的期限分别为公告期满后的十五日内，并定于举证期满后第三日上午九时在本院第三法庭公开开庭审理此案，逾期将依法缺席裁判。
人民法院
本院受理原告诉被告合同纠纷一案，因你下落不明，依照《中华人民共和国民事诉讼法》第九十五条规定，向你公告送达起诉状副本、应诉通知书、举证通知书、开庭传票等诉讼文书。自公告之日起经过三十日即视为送达。提出答辩状和举证的期限分别为公告期满后的十五日内，并定于举证期满后第三日上午九时在本院第三法庭公开开庭审理此案，逾期将依法缺席裁判。
人民法院
本院受理原告诉被告合同纠纷一案，因你下落不明，依照《中华人民共和国民事诉讼法》第九十五条规定，向你公告送达起诉状副本、应诉通知书、举证通知书、开庭传票等诉讼文书。自公告之日起经过三十日即视为送达。提出答辩状和举证的期限分别为公告期满后的十五日内，并定于举证期满后第三日上午九时在本院第三法庭公开开庭审理此案，逾期将依法缺席裁判。
人民法院
本院受理原告诉被告合同纠纷一案，因你下落不明，依照《中华人民共和国民事诉讼法》第九十五条规定，向你公告送达起诉状副本、应诉通知书、举证通知书、开庭传票等诉讼文书。自公告之日起经过三十日即视为送达。提出答辩状和举证的期限分别为公告期满后的十五日内，并定于举证期满后第三日上午九时在本院第三法庭公开开庭审理此案，逾期将依法缺席裁判。
人民法院
本院受理原告诉被告合同纠纷一案，因你下落不明，依照《中华人民共和国民事诉讼法》第九十五条规定，向你公告送达起诉状副本、应诉通知书、举证通知书、开庭传票等诉讼文书。自公告之日起经过三十日即视为送达。提出答辩状和举证的期限分别为公告期满后的十五日内，并定于举证期满后第三日上午九时在本院第三法庭公开开庭审理此案，逾期将依法缺席裁判。
人民法院
本院受理原告诉被告合同纠纷一案，因你下落不明，依照《中华人民共和国民事诉讼法》第九十五条规定，向你公告送达起诉状副本、应诉通知书、举证通知书、开庭传票等诉讼文书。自公告之日起经过三十日即视为送达。提出答辩状和举证的期限分别为公告期满后的十五日内，并定于举证期满后第三日上午九时在本院第三法庭公开开庭审理此案，逾期将依法缺席裁判。
人民法院
本院受理原告诉被告合同纠纷一案，因你下落不明，依照《中华人民共和国民事诉讼法》第九十五条规定，向你公告送达起诉状副本、应诉通知书、举证通知书、开庭传票等诉讼文书。自公告之日起经过三十日即视为送达。提出答辩状和举证的期限分别为公告期满后的十五日内，并定于举证期满后第三日上午九时在本院第三法庭公开开庭审理此案，逾期将依法缺席裁判。
人民法院
本院受理原告诉被告合同纠纷一案，因你下落不明，依照《中华人民共和国民事诉讼法》第九十五条规定，向你公告送达起诉状副本、应诉通知书、举证通知书、开庭传票等诉讼文书。自公告之日起经过三十日即视为送达。提出答辩状和举证的期限分别为公告期满后的十五日内，并定于举证期满后第三日上午九时在本院第三法庭公开开庭审理此案，逾期将依法缺席裁判。
人民法院
本院受理原告诉被告合同纠纷一案，因你下落不明，依照《中华人民共和国民事诉讼法》第九十五条规定，向你公告送达起诉状副本、应诉通知书、举证通知书、开庭传票等诉讼文书。自公告之日起经过三十日即视为送达。提出答辩状和举证的期限分别为公告期满后的十五日内，并定于举证期满后第三日上午九时在本院第三法庭公开开庭审理此案，逾期将依法缺席裁判。
人民法院
本院受理原告诉被告合同纠纷一案，因你下落不明，依照《中华人民共和国民事诉讼法》第九十五条规定，向你公告送达起诉状副本、应诉通知书、举证通知书、开庭传票等诉讼文书。自公告之日起经过三十日即视为送达。提出答辩状和举证的期限分别为公告期满后的十五日内，并定于举证期满后第三日上午九时在本院第三法庭公开开庭审理此案，逾期将依法缺席裁判。
人民法院
本院受理原告诉被告合同纠纷一案，因你下落不明，依照《中华人民共和国民事诉讼法》第九十五条规定，向你公告送达起诉状副本、应诉通知书、举证通知书、开庭传票等诉讼文书。自公告之日起经过三十日即视为送达。提出答辩状和举证的期限分别为公告期满后的十五日内，并定于举证期满后第三日上午九时在本院第三法庭公开开庭审理此案，逾期将依法缺席裁判。
人民法院
本院受理原告诉被告合同纠纷一案，因你下落不明，依照《中华人民共和国民事诉讼法》第九十五条规定，向你公告送达起诉状副本、应诉通知书、举证通知书、开庭传票等诉讼文书。自公告之日起经过三十日即视为送达。提出答辩状和举证的期限分别为公告期满后的十五日内，并定于举证期满后第三日上午九时在本院第三法庭公开开庭审理此案，逾期将依法缺席裁判。
人民法院
本院受理原告诉被告合同纠纷一案，因你下落不明，依照《中华人民共和国民事诉讼法》第九十五条规定，向你公告送达起诉状副本、应诉通知书、举证通知书、开庭传票等诉讼文书。自公告之日起经过三十日即视为送达。提出答辩状和举证的期限分别为公告期满后的十五日内，并定于举证期满后第三日上午九时在本院第三法庭公开开庭审理此案，逾期将依法缺席裁判。
人民法院
本院受理原告诉被告合同纠纷一案，因你下落不明，依照《中华人民共和国民事诉讼法》第九十五条规定，向你公告送达起诉状副本、应诉通知书、举证通知书、开庭传票等诉讼文书。自公告之日起经过三十日即视为送达。提出答辩状和举证的期限分别为公告期满后的十五日内，并定于举证期满后第三日上午九时在本院第三法庭公开开庭审理此案，逾期将依法缺席裁判。
人民法院
本院受理原告诉被告合同纠纷一案，因你下落不明，依照《中华人民共和国民事诉讼法》第九十五条规定，向你公告送达起诉状副本、应诉通知书、举证通知书、开庭传票等诉讼文书。自公告之日起经过三十日即视为送达。提出答辩状和举证的期限分别为公告期满后的十五日内，并定于举证期满后第三日上午九时在本院第三法庭公开开庭审理此案，逾期将依法缺席裁判。
人民法院
本院受理原告诉被告合同纠纷一案，因你下落不明，依照《中华人民共和国民事诉讼法》第九十五条规定，向你公告送达起诉状副本、应诉通知书、举证通知书、开庭传票等诉讼文书。自公告之日起经过三十日即视为送达。提出答辩状和举证的期限分别为公告期满后的十五日内，并定于举证期满后第三日上午九时在本院第三法庭公开开庭审理此案，逾期将依法缺席裁判。
人民法院
本院受理原告诉被告合同纠纷一案，因你下落不明，依照《中华人民共和国民事诉讼法》第九十五条规定，向你公告送达起诉状副本、应诉通知书、举证通知书、开庭传票等诉讼文书。自公告之日起经过三十日即视为送达。提出答辩状和举证的期限分别为公告期满后的十五日内，并定于举证期满后第三日上午九时在本院第三法庭公开开庭审理此案，逾期将依法缺席裁判。
人民法院
公告专栏
